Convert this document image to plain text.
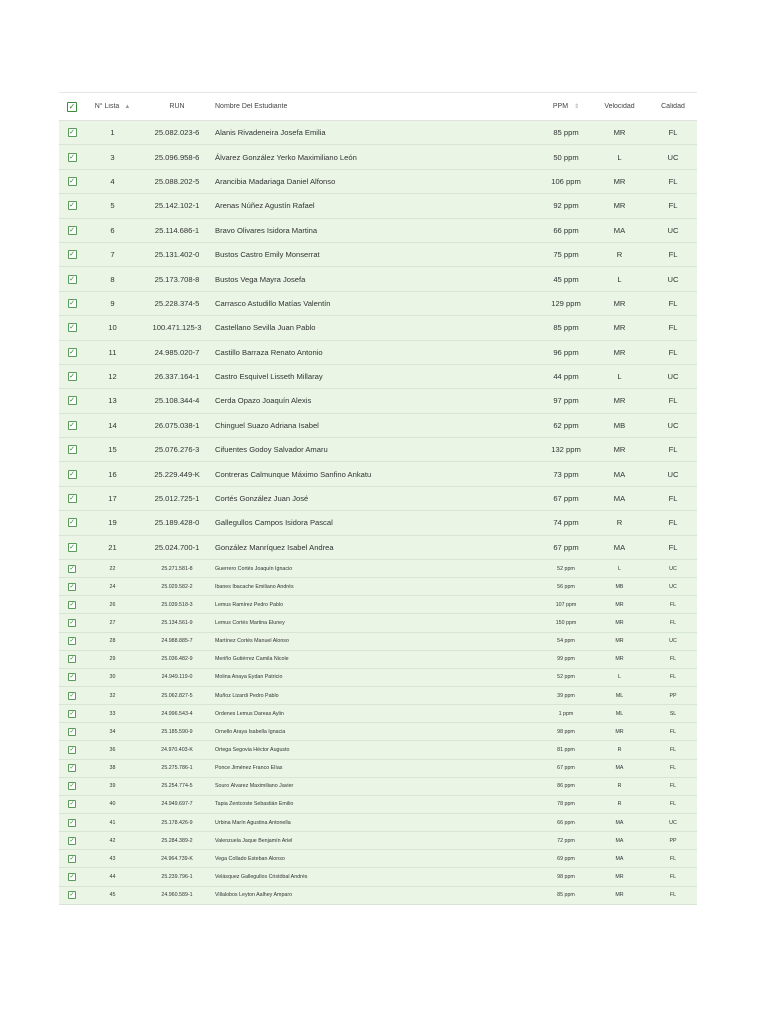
✓	N° Lista ▲	RUN	Nombre Del Estudiante	PPM ⇕	Velocidad	Calidad
✓	1	25.082.023-6	Alanis Rivadeneira Josefa Emilia	85 ppm	MR	FL
✓	3	25.096.958-6	Álvarez González Yerko Maximiliano León	50 ppm	L	UC
✓	4	25.088.202-5	Arancibia Madariaga Daniel Alfonso	106 ppm	MR	FL
✓	5	25.142.102-1	Arenas Núñez Agustín Rafael	92 ppm	MR	FL
✓	6	25.114.686-1	Bravo Olivares Isidora Martina	66 ppm	MA	UC
✓	7	25.131.402-0	Bustos Castro Emily Monserrat	75 ppm	R	FL
✓	8	25.173.708-8	Bustos Vega Mayra Josefa	45 ppm	L	UC
✓	9	25.228.374-5	Carrasco Astudillo Matías Valentín	129 ppm	MR	FL
✓	10	100.471.125-3	Castellano Sevilla Juan Pablo	85 ppm	MR	FL
✓	11	24.985.020-7	Castillo Barraza Renato Antonio	96 ppm	MR	FL
✓	12	26.337.164-1	Castro Esquivel Lisseth Millaray	44 ppm	L	UC
✓	13	25.108.344-4	Cerda Opazo Joaquín Alexis	97 ppm	MR	FL
✓	14	26.075.038-1	Chinguel Suazo Adriana Isabel	62 ppm	MB	UC
✓	15	25.076.276-3	Cifuentes Godoy Salvador Amaru	132 ppm	MR	FL
✓	16	25.229.449-K	Contreras Calmunque Máximo Sanfino Ankatu	73 ppm	MA	UC
✓	17	25.012.725-1	Cortés González Juan José	67 ppm	MA	FL
✓	19	25.189.428-0	Gallegullos Campos Isidora Pascal	74 ppm	R	FL
✓	21	25.024.700-1	González Manríquez Isabel Andrea	67 ppm	MA	FL
✓	22	25.271.581-8	Guerrero Cortés Joaquín Ignacio	52 ppm	L	UC
✓	24	25.029.582-2	Ibanes Ibacache Emiliano Andrés	56 ppm	MB	UC
✓	26	25.039.518-3	Lemus Ramírez Pedro Pablo	107 ppm	MR	FL
✓	27	25.134.561-9	Lemus Cortés Martina Eluney	150 ppm	MR	FL
✓	28	24.988.885-7	Martínez Cortés Manuel Alonso	54 ppm	MR	UC
✓	29	25.036.482-9	Meriño Gutiérrez Camila Nicole	99 ppm	MR	FL
✓	30	24.949.119-0	Molina Anaya Eydan Patricio	52 ppm	L	FL
✓	32	25.062.827-5	Muñoz Lizardi Pedro Pablo	39 ppm	ML	PP
✓	33	24.996.543-4	Órdenes Lemus Dareas Aylin	1 ppm	ML	SL
✓	34	25.185.590-9	Ornello Araya Isabella Ignacia	98 ppm	MR	FL
✓	36	24.970.403-K	Ortega Segovia Héctor Augusto	81 ppm	R	FL
✓	38	25.275.786-1	Ponce Jiménez Franco Elías	67 ppm	MA	FL
✓	39	25.254.774-5	Souro Álvarez Maximiliano Javier	86 ppm	R	FL
✓	40	24.949.697-7	Tapia Zentcoste Sebastián Emilio	78 ppm	R	FL
✓	41	25.178.426-9	Urbina Marín Agustina Antonella	66 ppm	MA	UC
✓	42	25.284.389-2	Valenzuela Jaque Benjamín Ariel	72 ppm	MA	PP
✓	43	24.964.739-K	Vega Collado Esteban Alonso	69 ppm	MA	FL
✓	44	25.239.796-1	Velásquez Gallegullos Cristóbal Andrés	98 ppm	MR	FL
✓	45	24.960.589-1	Villalobos Leyton Aalhey Amparo	85 ppm	MR	FL
